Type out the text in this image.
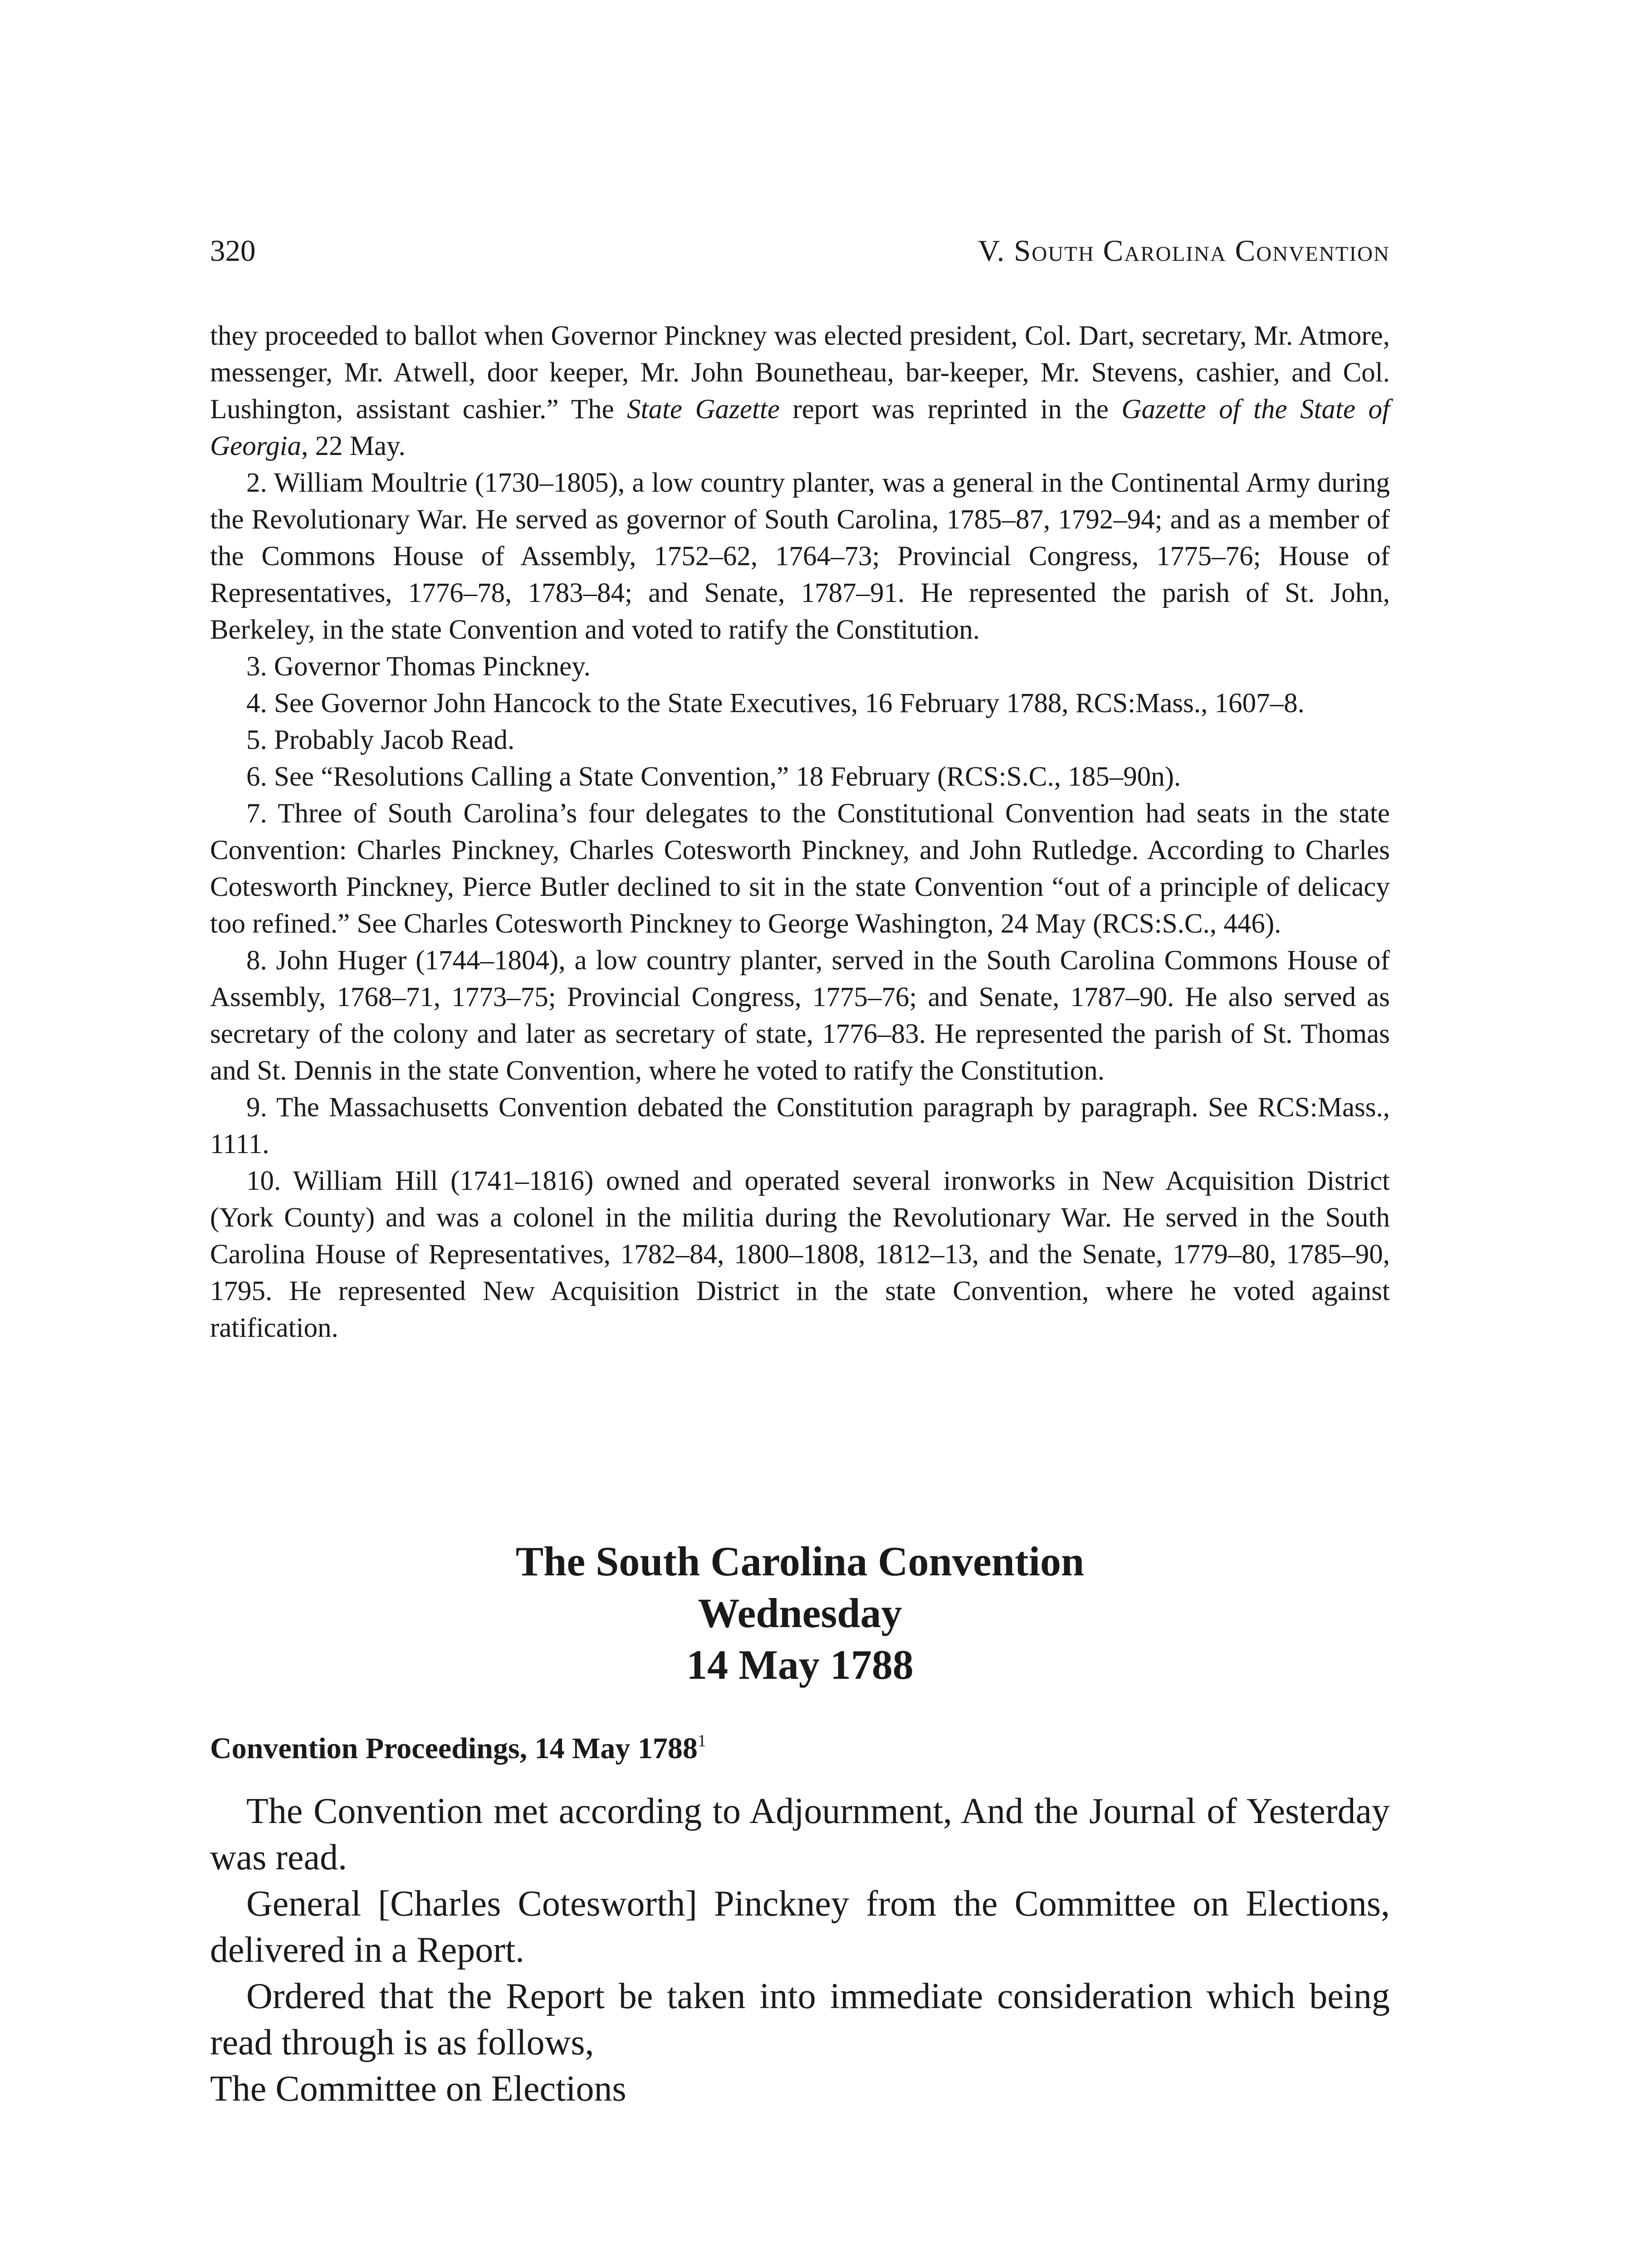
320	V. South Carolina Convention

they proceeded to ballot when Governor Pinckney was elected president, Col. Dart, secretary, Mr. Atmore, messenger, Mr. Atwell, door keeper, Mr. John Bounetheau, bar-keeper, Mr. Stevens, cashier, and Col. Lushington, assistant cashier.” The State Gazette report was reprinted in the Gazette of the State of Georgia, 22 May.

2. William Moultrie (1730–1805), a low country planter, was a general in the Continental Army during the Revolutionary War. He served as governor of South Carolina, 1785–87, 1792–94; and as a member of the Commons House of Assembly, 1752–62, 1764–73; Provincial Congress, 1775–76; House of Representatives, 1776–78, 1783–84; and Senate, 1787–91. He represented the parish of St. John, Berkeley, in the state Convention and voted to ratify the Constitution.

3. Governor Thomas Pinckney.

4. See Governor John Hancock to the State Executives, 16 February 1788, RCS:Mass., 1607–8.

5. Probably Jacob Read.

6. See “Resolutions Calling a State Convention,” 18 February (RCS:S.C., 185–90n).

7. Three of South Carolina’s four delegates to the Constitutional Convention had seats in the state Convention: Charles Pinckney, Charles Cotesworth Pinckney, and John Rutledge. According to Charles Cotesworth Pinckney, Pierce Butler declined to sit in the state Convention “out of a principle of delicacy too refined.” See Charles Cotesworth Pinckney to George Washington, 24 May (RCS:S.C., 446).

8. John Huger (1744–1804), a low country planter, served in the South Carolina Commons House of Assembly, 1768–71, 1773–75; Provincial Congress, 1775–76; and Senate, 1787–90. He also served as secretary of the colony and later as secretary of state, 1776–83. He represented the parish of St. Thomas and St. Dennis in the state Convention, where he voted to ratify the Constitution.

9. The Massachusetts Convention debated the Constitution paragraph by paragraph. See RCS:Mass., 1111.

10. William Hill (1741–1816) owned and operated several ironworks in New Acquisition District (York County) and was a colonel in the militia during the Revolutionary War. He served in the South Carolina House of Representatives, 1782–84, 1800–1808, 1812–13, and the Senate, 1779–80, 1785–90, 1795. He represented New Acquisition District in the state Convention, where he voted against ratification.

The South Carolina Convention
Wednesday
14 May 1788
Convention Proceedings, 14 May 1788$^1$

The Convention met according to Adjournment, And the Journal of Yesterday was read.

General [Charles Cotesworth] Pinckney from the Committee on Elections, delivered in a Report.

Ordered that the Report be taken into immediate consideration which being read through is as follows,

The Committee on Elections
